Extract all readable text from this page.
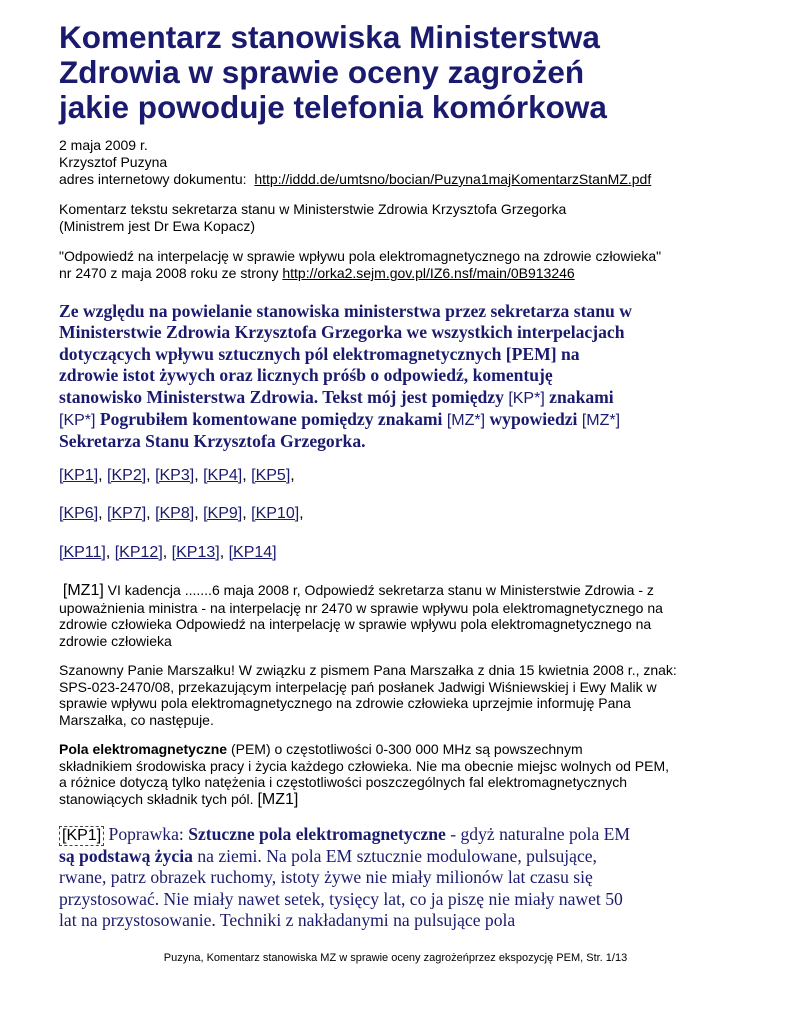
Komentarz stanowiska Ministerstwa
Zdrowia w sprawie oceny zagrożeń
jakie powoduje telefonia komórkowa
2 maja 2009 r.
Krzysztof Puzyna
adres internetowy dokumentu: http://iddd.de/umtsno/bocian/Puzyna1majKomentarzStanMZ.pdf
Komentarz tekstu sekretarza stanu w Ministerstwie Zdrowia Krzysztofa Grzegorka
(Ministrem jest Dr Ewa Kopacz)
"Odpowiedź na interpelację w sprawie wpływu pola elektromagnetycznego na zdrowie człowieka"
nr 2470 z maja 2008 roku ze strony http://orka2.sejm.gov.pl/IZ6.nsf/main/0B913246
Ze względu na powielanie stanowiska ministerstwa przez sekretarza stanu w
Ministerstwie Zdrowia Krzysztofa Grzegorka we wszystkich interpelacjach
dotyczących wpływu sztucznych pól elektromagnetycznych [PEM] na
zdrowie istot żywych oraz licznych próśb o odpowiedź, komentuję
stanowisko Ministerstwa Zdrowia. Tekst mój jest pomiędzy [KP*] znakami
[KP*] Pogrubiłem komentowane pomiędzy znakami [MZ*] wypowiedzi [MZ*]
Sekretarza Stanu Krzysztofa Grzegorka.
[KP1], [KP2], [KP3], [KP4], [KP5],
[KP6], [KP7], [KP8], [KP9], [KP10],
[KP11], [KP12], [KP13], [KP14]
[MZ1] VI kadencja .......6 maja 2008 r, Odpowiedź sekretarza stanu w Ministerstwie Zdrowia - z
upoważnienia ministra - na interpelację nr 2470 w sprawie wpływu pola elektromagnetycznego na
zdrowie człowieka Odpowiedź na interpelację w sprawie wpływu pola elektromagnetycznego na
zdrowie człowieka
Szanowny Panie Marszałku! W związku z pismem Pana Marszałka z dnia 15 kwietnia 2008 r., znak:
SPS-023-2470/08, przekazującym interpelację pań posłanek Jadwigi Wiśniewskiej i Ewy Malik w
sprawie wpływu pola elektromagnetycznego na zdrowie człowieka uprzejmie informuję Pana
Marszałka, co następuje.
Pola elektromagnetyczne (PEM) o częstotliwości 0-300 000 MHz są powszechnym
składnikiem środowiska pracy i życia każdego człowieka. Nie ma obecnie miejsc wolnych od PEM,
a różnice dotyczą tylko natężenia i częstotliwości poszczególnych fal elektromagnetycznych
stanowiących składnik tych pól. [MZ1]
[KP1] Poprawka: Sztuczne pola elektromagnetyczne - gdyż naturalne pola EM
są podstawą życia na ziemi. Na pola EM sztucznie modulowane, pulsujące,
rwane, patrz obrazek ruchomy, istoty żywe nie miały milionów lat czasu się
przystosować. Nie miały nawet setek, tysięcy lat, co ja piszę nie miały nawet 50
lat na przystosowanie. Techniki z nakładanymi na pulsujące pola
Puzyna, Komentarz stanowiska MZ w sprawie oceny zagrożeńprzez ekspozycję PEM, Str. 1/13
